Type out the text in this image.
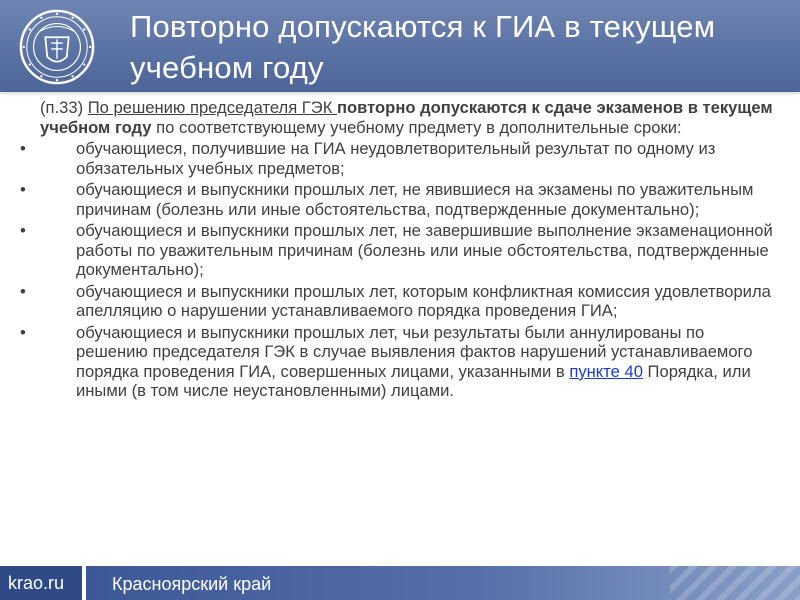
Повторно допускаются к ГИА в текущем учебном году

(п.33) По решению председателя ГЭК повторно допускаются к сдаче экзаменов в текущем учебном году по соответствующему учебному предмету в дополнительные сроки:

•	обучающиеся, получившие на ГИА неудовлетворительный результат по одному из обязательных учебных предметов;
•	обучающиеся и выпускники прошлых лет, не явившиеся на экзамены по уважительным причинам (болезнь или иные обстоятельства, подтвержденные документально);
•	обучающиеся и выпускники прошлых лет, не завершившие выполнение экзаменационной работы по уважительным причинам (болезнь или иные обстоятельства, подтвержденные документально);
•	обучающиеся и выпускники прошлых лет, которым конфликтная комиссия удовлетворила апелляцию о нарушении устанавливаемого порядка проведения ГИА;
•	обучающиеся и выпускники прошлых лет, чьи результаты были аннулированы по решению председателя ГЭК в случае выявления фактов нарушений устанавливаемого порядка проведения ГИА, совершенных лицами, указанными в пункте 40 Порядка, или иными (в том числе неустановленными) лицами.
krao.ru	Красноярский край
